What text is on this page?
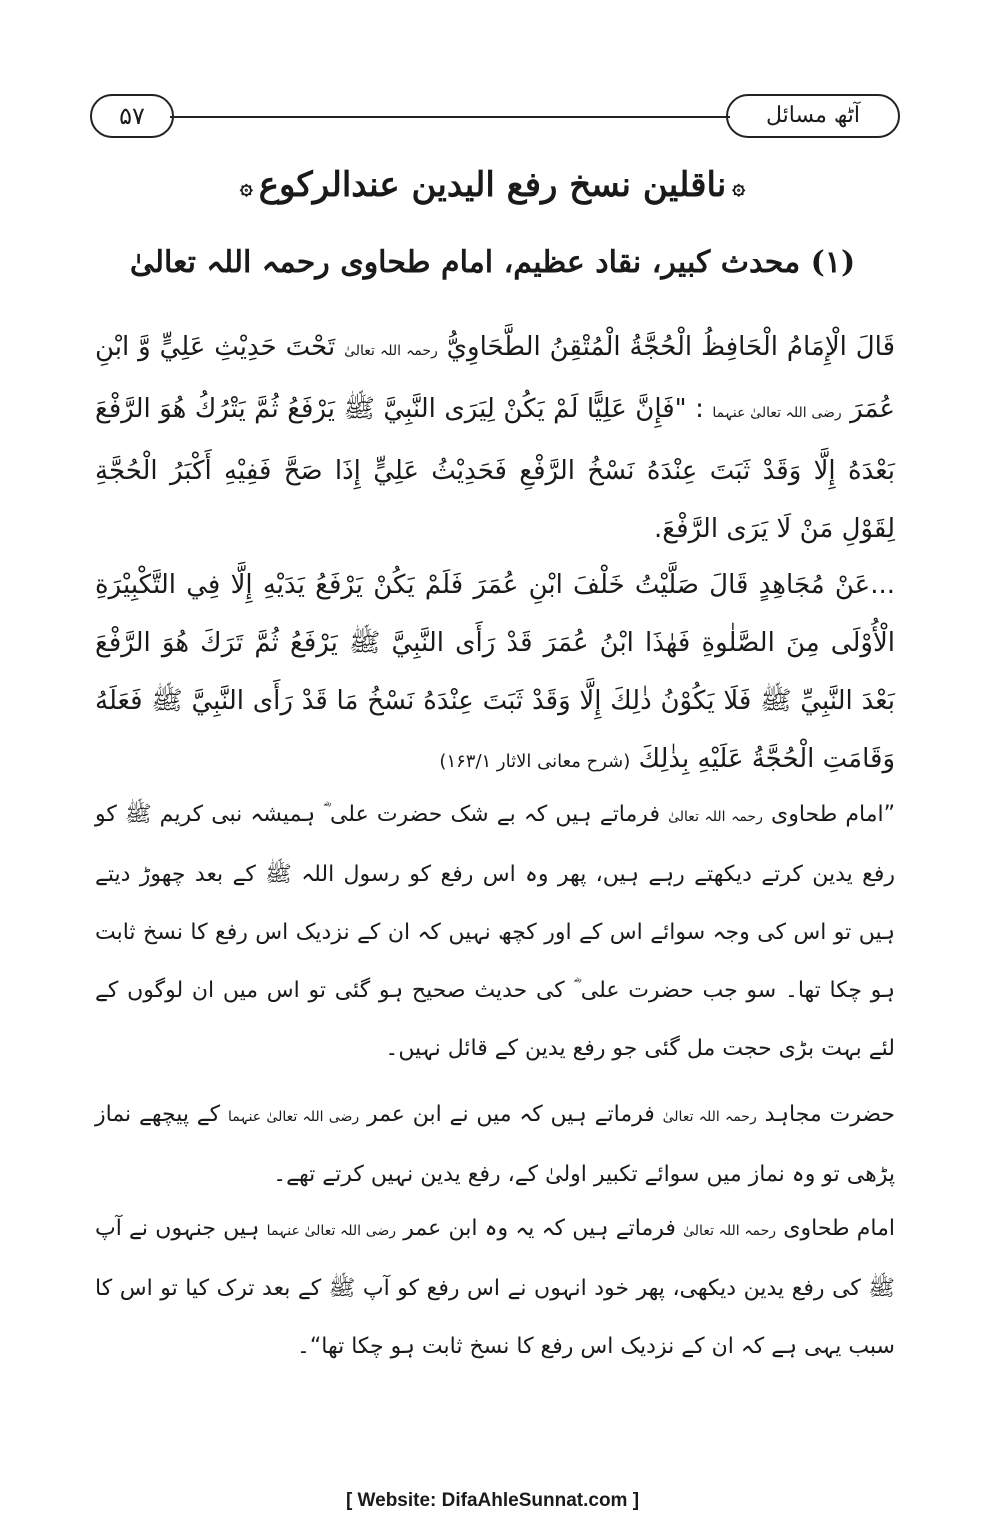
۵۷	آٹھ مسائل
۞ناقلین نسخ رفع الیدین عندالرکوع۞
(۱) محدث کبیر، نقاد عظیم، امام طحاوی رحمہ اللہ تعالیٰ
قَالَ الْإِمَامُ الْحَافِظُ الْحُجَّةُ الْمُتْقِنُ الطَّحَاوِيُّ رحمہ اللہ تعالیٰ تَحْتَ حَدِيْثِ عَلِيٍّ وَّ ابْنِ عُمَرَ رضی اللہ تعالیٰ عنہما : "فَإِنَّ عَلِيًّا لَمْ يَكُنْ لِيَرَى النَّبِيَّ ﷺ يَرْفَعُ ثُمَّ يَتْرُكُ هُوَ الرَّفْعَ بَعْدَهُ إِلَّا وَقَدْ ثَبَتَ عِنْدَهُ نَسْخُ الرَّفْعِ فَحَدِيْثُ عَلِيٍّ إِذَا صَحَّ فَفِيْهِ أَكْبَرُ الْحُجَّةِ لِقَوْلِ مَنْ لَا يَرَى الرَّفْعَ.
...عَنْ مُجَاهِدٍ قَالَ صَلَّيْتُ خَلْفَ ابْنِ عُمَرَ فَلَمْ يَكُنْ يَرْفَعُ يَدَيْهِ إِلَّا فِي التَّكْبِيْرَةِ الْأُوْلَى مِنَ الصَّلٰوةِ فَهٰذَا ابْنُ عُمَرَ قَدْ رَأَى النَّبِيَّ ﷺ يَرْفَعُ ثُمَّ تَرَكَ هُوَ الرَّفْعَ بَعْدَ النَّبِيِّ ﷺ فَلَا يَكُوْنُ ذٰلِكَ إِلَّا وَقَدْ ثَبَتَ عِنْدَهُ نَسْخُ مَا قَدْ رَأَى النَّبِيَّ ﷺ فَعَلَهُ وَقَامَتِ الْحُجَّةُ عَلَيْهِ بِذٰلِكَ (شرح معانی الاثار ۱۶۳/۱)
”امام طحاوی رحمہ اللہ تعالیٰ فرماتے ہیں کہ بے شک حضرت علی ؓ ہمیشہ نبی کریم ﷺ کو رفع یدین کرتے دیکھتے رہے ہیں، پھر وہ اس رفع کو رسول اللہ ﷺ کے بعد چھوڑ دیتے ہیں تو اس کی وجہ سوائے اس کے اور کچھ نہیں کہ ان کے نزدیک اس رفع کا نسخ ثابت ہو چکا تھا۔ سو جب حضرت علی ؓ کی حدیث صحیح ہو گئی تو اس میں ان لوگوں کے لئے بہت بڑی حجت مل گئی جو رفع یدین کے قائل نہیں۔
حضرت مجاہد رحمہ اللہ تعالیٰ فرماتے ہیں کہ میں نے ابن عمر رضی اللہ تعالیٰ عنہما کے پیچھے نماز پڑھی تو وہ نماز میں سوائے تکبیر اولیٰ کے، رفع یدین نہیں کرتے تھے۔
امام طحاوی رحمہ اللہ تعالیٰ فرماتے ہیں کہ یہ وہ ابن عمر رضی اللہ تعالیٰ عنہما ہیں جنہوں نے آپ ﷺ کی رفع یدین دیکھی، پھر خود انہوں نے اس رفع کو آپ ﷺ کے بعد ترک کیا تو اس کا سبب یہی ہے کہ ان کے نزدیک اس رفع کا نسخ ثابت ہو چکا تھا“۔
[ Website: DifaAhleSunnat.com ]
